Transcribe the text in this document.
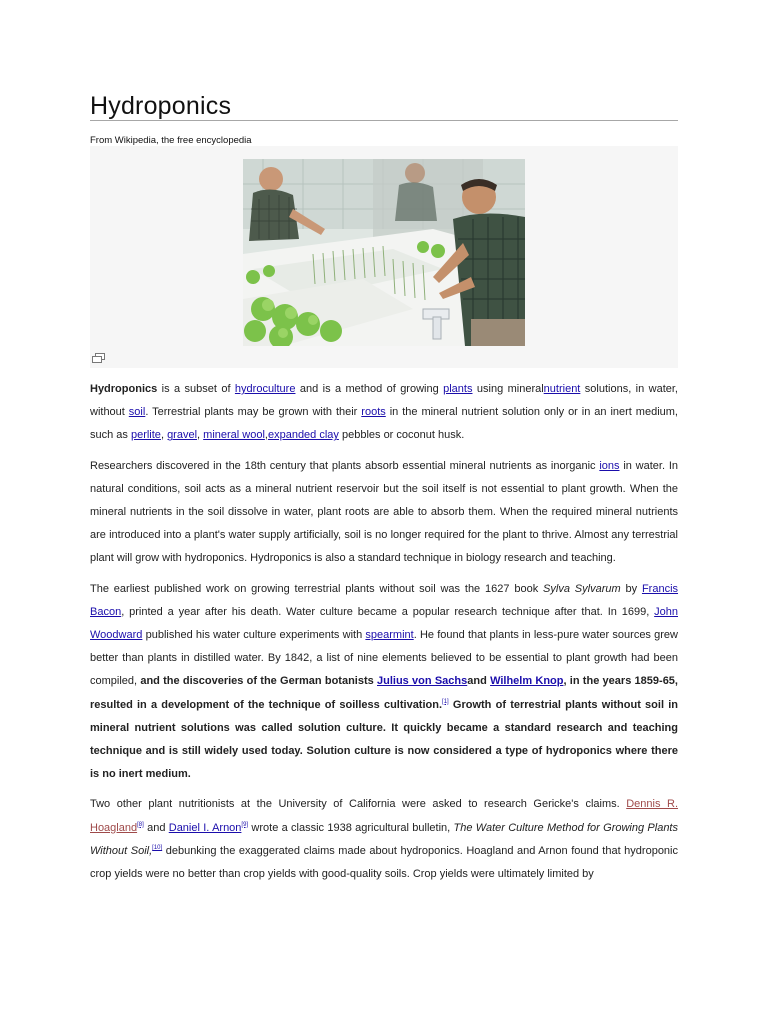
Hydroponics
From Wikipedia, the free encyclopedia

Hydroponics is a subset of hydroculture and is a method of growing plants using mineralnutrient solutions, in water, without soil. Terrestrial plants may be grown with their roots in the mineral nutrient solution only or in an inert medium, such as perlite, gravel, mineral wool,expanded clay pebbles or coconut husk.

Researchers discovered in the 18th century that plants absorb essential mineral nutrients as inorganic ions in water. In natural conditions, soil acts as a mineral nutrient reservoir but the soil itself is not essential to plant growth. When the mineral nutrients in the soil dissolve in water, plant roots are able to absorb them. When the required mineral nutrients are introduced into a plant's water supply artificially, soil is no longer required for the plant to thrive. Almost any terrestrial plant will grow with hydroponics. Hydroponics is also a standard technique in biology research and teaching.

The earliest published work on growing terrestrial plants without soil was the 1627 book Sylva Sylvarum by Francis Bacon, printed a year after his death. Water culture became a popular research technique after that. In 1699, John Woodward published his water culture experiments with spearmint. He found that plants in less-pure water sources grew better than plants in distilled water. By 1842, a list of nine elements believed to be essential to plant growth had been compiled, and the discoveries of the German botanists Julius von Sachsand Wilhelm Knop, in the years 1859-65, resulted in a development of the technique of soilless cultivation.[1] Growth of terrestrial plants without soil in mineral nutrient solutions was called solution culture. It quickly became a standard research and teaching technique and is still widely used today. Solution culture is now considered a type of hydroponics where there is no inert medium.

Two other plant nutritionists at the University of California were asked to research Gericke's claims. Dennis R. Hoagland[8] and Daniel I. Arnon[9] wrote a classic 1938 agricultural bulletin, The Water Culture Method for Growing Plants Without Soil,[10] debunking the exaggerated claims made about hydroponics. Hoagland and Arnon found that hydroponic crop yields were no better than crop yields with good-quality soils. Crop yields were ultimately limited by
